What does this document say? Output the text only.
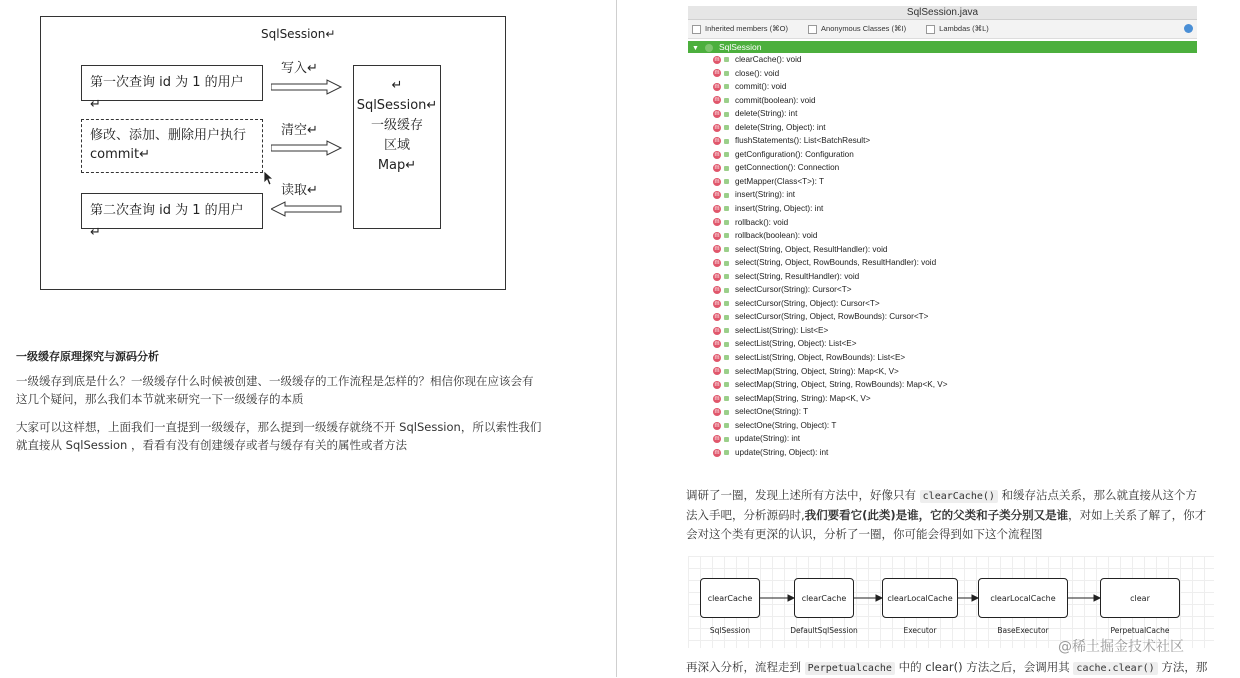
SqlSession↵
第一次查询 id 为 1 的用户↵
修改、添加、删除用户执行
commit↵
第二次查询 id 为 1 的用户↵
写入↵
清空↵
读取↵
↵
SqlSession↵
一级缓存
区域
Map↵
一级缓存原理探究与源码分析
一级缓存到底是什么？一级缓存什么时候被创建、一级缓存的工作流程是怎样的？相信你现在应该会有
这几个疑问，那么我们本节就来研究一下一级缓存的本质
大家可以这样想，上面我们一直提到一级缓存，那么提到一级缓存就绕不开 SqlSession，所以索性我们
就直接从 SqlSession ，看看有没有创建缓存或者与缓存有关的属性或者方法
SqlSession.java
Inherited members (⌘O)	Anonymous Classes (⌘I)	Lambdas (⌘L)
▼ SqlSession
m clearCache(): void
m close(): void
m commit(): void
m commit(boolean): void
m delete(String): int
m delete(String, Object): int
m flushStatements(): List<BatchResult>
m getConfiguration(): Configuration
m getConnection(): Connection
m getMapper(Class<T>): T
m insert(String): int
m insert(String, Object): int
m rollback(): void
m rollback(boolean): void
m select(String, Object, ResultHandler): void
m select(String, Object, RowBounds, ResultHandler): void
m select(String, ResultHandler): void
m selectCursor(String): Cursor<T>
m selectCursor(String, Object): Cursor<T>
m selectCursor(String, Object, RowBounds): Cursor<T>
m selectList(String): List<E>
m selectList(String, Object): List<E>
m selectList(String, Object, RowBounds): List<E>
m selectMap(String, Object, String): Map<K, V>
m selectMap(String, Object, String, RowBounds): Map<K, V>
m selectMap(String, String): Map<K, V>
m selectOne(String): T
m selectOne(String, Object): T
m update(String): int
m update(String, Object): int
调研了一圈，发现上述所有方法中，好像只有 clearCache() 和缓存沾点关系，那么就直接从这个方
法入手吧，分析源码时,我们要看它(此类)是谁，它的父类和子类分别又是谁，对如上关系了解了，你才
会对这个类有更深的认识，分析了一圈，你可能会得到如下这个流程图
clearCache	clearCache	clearLocalCache	clearLocalCache	clear
SqlSession	DefaultSqlSession	Executor	BaseExecutor	PerpetualCache
再深入分析，流程走到 Perpetualcache 中的 clear() 方法之后，会调用其 cache.clear() 方法，那
@稀土掘金技术社区
